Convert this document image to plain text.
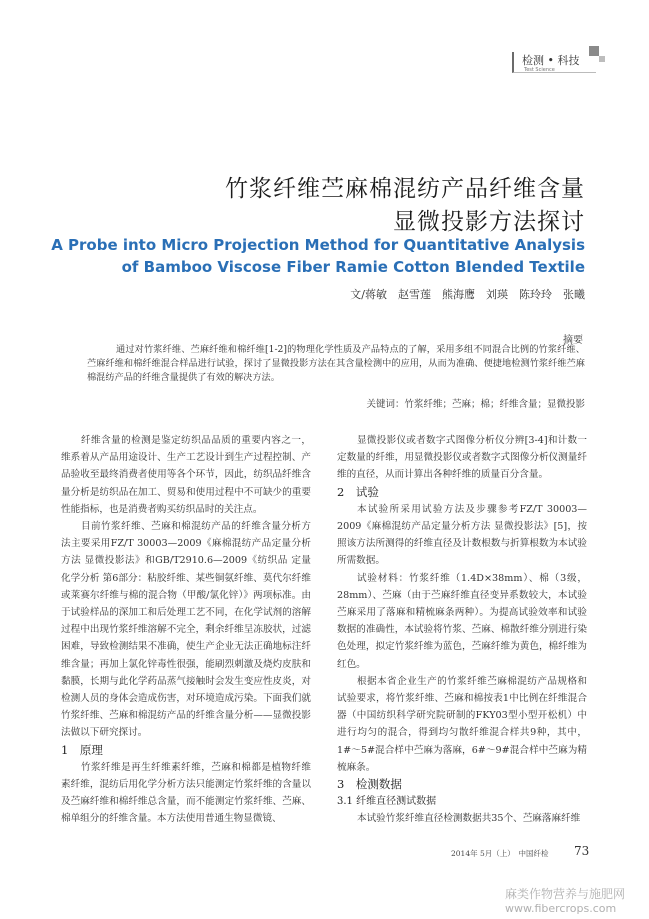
检测 • 科技
Test Science
竹浆纤维苎麻棉混纺产品纤维含量
显微投影方法探讨
A Probe into Micro Projection Method for Quantitative Analysis
of Bamboo Viscose Fiber Ramie Cotton Blended Textile
文/蒋敏　赵雪莲　熊海鹰　刘瑛　陈玲玲　张曦
摘要
通过对竹浆纤维、苎麻纤维和棉纤维[1-2]的物理化学性质及产品特点的了解，采用多组不同混合比例的竹浆纤维、苎麻纤维和棉纤维混合样品进行试验，探讨了显微投影方法在其含量检测中的应用，从而为准确、便捷地检测竹浆纤维苎麻棉混纺产品的纤维含量提供了有效的解决方法。
关键词：竹浆纤维；苎麻；棉；纤维含量；显微投影

纤维含量的检测是鉴定纺织品品质的重要内容之一，维系着从产品用途设计、生产工艺设计到生产过程控制、产品验收至最终消费者使用等各个环节，因此，纺织品纤维含量分析是纺织品在加工、贸易和使用过程中不可缺少的重要性能指标，也是消费者购买纺织品时的关注点。

目前竹浆纤维、苎麻和棉混纺产品的纤维含量分析方法主要采用FZ/T 30003—2009《麻棉混纺产品定量分析方法 显微投影法》和GB/T2910.6—2009《纺织品 定量化学分析 第6部分：粘胶纤维、某些铜氨纤维、莫代尔纤维或莱赛尔纤维与棉的混合物（甲酸/氯化锌）》两项标准。由于试验样品的深加工和后处理工艺不同，在化学试剂的溶解过程中出现竹浆纤维溶解不完全，剩余纤维呈冻胶状，过滤困难，导致检测结果不准确，使生产企业无法正确地标注纤维含量；再加上氯化锌毒性很强，能刷烈刺激及烧灼皮肤和黏膜，长期与此化学药品蒸气接触时会发生变应性皮炎，对检测人员的身体会造成伤害，对环境造成污染。下面我们就竹浆纤维、苎麻和棉混纺产品的纤维含量分析——显微投影法做以下研究探讨。

1　原理

竹浆纤维是再生纤维素纤维，苎麻和棉都是植物纤维素纤维，混纺后用化学分析方法只能测定竹浆纤维的含量以及苎麻纤维和棉纤维总含量，而不能测定竹浆纤维、苎麻、棉单组分的纤维含量。本方法使用普通生物显微镜、

显微投影仪或者数字式图像分析仪分辨[3-4]和计数一定数量的纤维，用显微投影仪或者数字式图像分析仪测量纤维的直径，从而计算出各种纤维的质量百分含量。

2　试验

本试验所采用试验方法及步骤参考FZ/T 30003—2009《麻棉混纺产品定量分析方法 显微投影法》[5]，按照该方法所测得的纤维直径及计数根数与折算根数为本试验所需数据。

试验材料：竹浆纤维（1.4D×38mm）、棉（3级，28mm）、苎麻（由于苎麻纤维直径变异系数较大，本试验苎麻采用了落麻和精梳麻条两种）。为提高试验效率和试验数据的准确性，本试验将竹浆、苎麻、棉散纤维分别进行染色处理，拟定竹浆纤维为蓝色，苎麻纤维为黄色，棉纤维为红色。

根据本省企业生产的竹浆纤维苎麻棉混纺产品规格和试验要求，将竹浆纤维、苎麻和棉按表1中比例在纤维混合器（中国纺织科学研究院研制的FKY03型小型开松机）中进行均匀的混合，得到均匀散纤维混合样共9种，其中，1#～5#混合样中苎麻为落麻，6#～9#混合样中苎麻为精梳麻条。

3　检测数据

3.1 纤维直径测试数据

本试验竹浆纤维直径检测数据共35个、苎麻落麻纤维

2014年 5月（上）　中国纤检 73
麻类作物营养与施肥网
www.fibercrops.com
